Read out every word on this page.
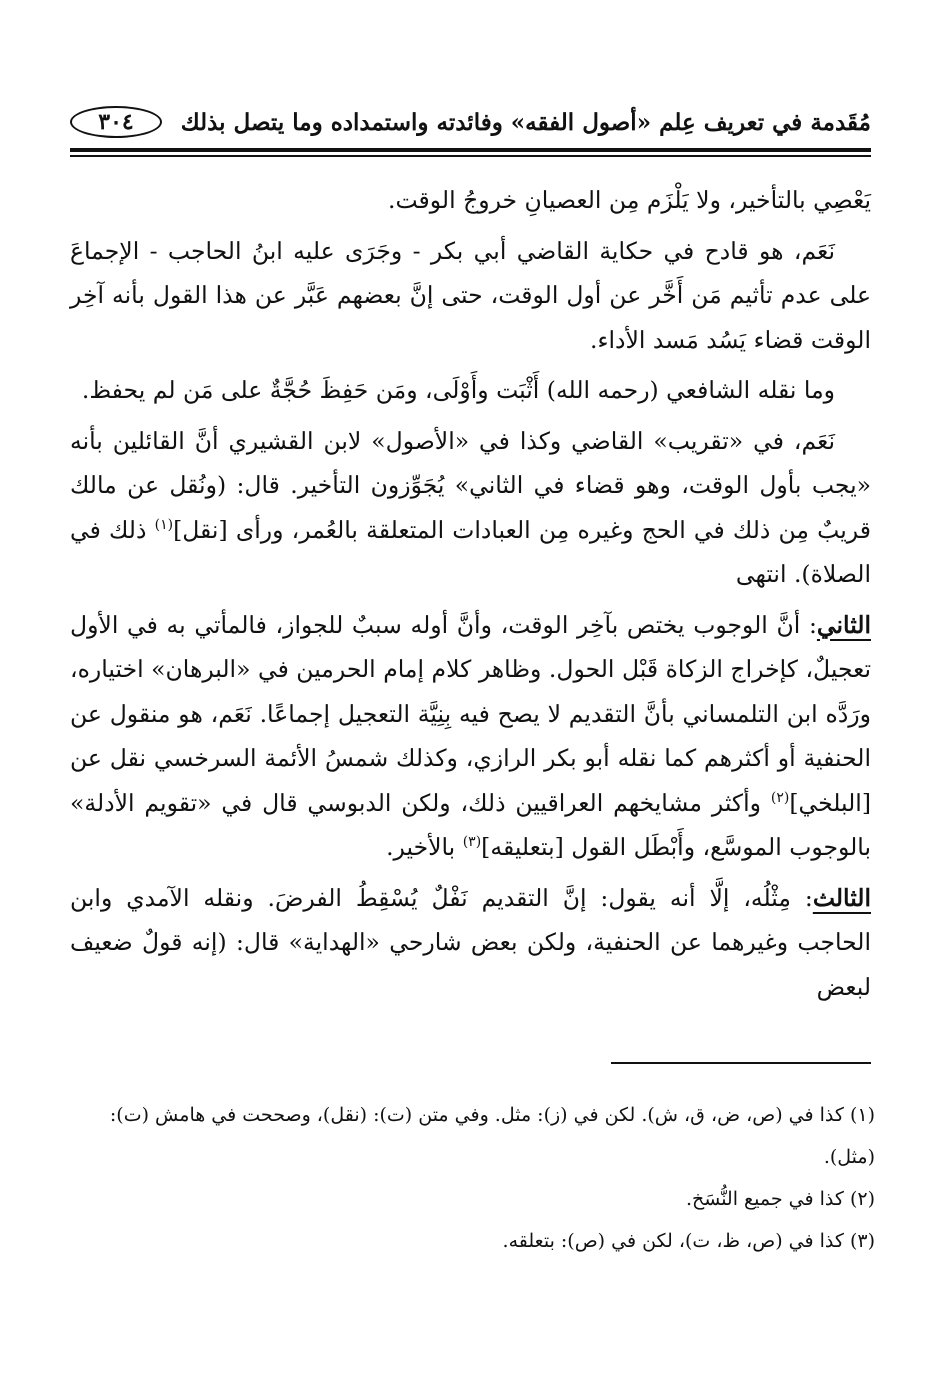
مُقَدمة في تعريف عِلم «أصول الفقه» وفائدته واستمداده وما يتصل بذلك
٣٠٤

يَعْصِي بالتأخير، ولا يَلْزَم مِن العصيانِ خروجُ الوقت.

نَعَم، هو قادح في حكاية القاضي أبي بكر - وجَرَى عليه ابنُ الحاجب - الإجماعَ على عدم تأثيم مَن أَخَّر عن أول الوقت، حتى إنَّ بعضهم عَبَّر عن هذا القول بأنه آخِر الوقت قضاء يَسُد مَسد الأداء.

وما نقله الشافعي (رحمه الله) أَثْبَت وأَوْلَى، ومَن حَفِظَ حُجَّةٌ على مَن لم يحفظ.

نَعَم، في «تقريب» القاضي وكذا في «الأصول» لابن القشيري أنَّ القائلين بأنه «يجب بأول الوقت، وهو قضاء في الثاني» يُجَوِّزون التأخير. قال: (ونُقل عن مالك قريبٌ مِن ذلك في الحج وغيره مِن العبادات المتعلقة بالعُمر، ورأى [نقل]$^{(١)}$ ذلك في الصلاة). انتهى

الثاني: أنَّ الوجوب يختص بآخِر الوقت، وأنَّ أوله سببٌ للجواز، فالمأتي به في الأول تعجيلٌ، كإخراج الزكاة قَبْل الحول. وظاهر كلام إمام الحرمين في «البرهان» اختياره، ورَدَّه ابن التلمساني بأنَّ التقديم لا يصح فيه بِنِيَّة التعجيل إجماعًا. نَعَم، هو منقول عن الحنفية أو أكثرهم كما نقله أبو بكر الرازي، وكذلك شمسُ الأئمة السرخسي نقل عن [البلخي]$^{(٢)}$ وأكثر مشايخهم العراقيين ذلك، ولكن الدبوسي قال في «تقويم الأدلة» بالوجوب الموسَّع، وأَبْطَل القول [بتعليقه]$^{(٣)}$ بالأخير.

الثالث: مِثْلُه، إلَّا أنه يقول: إنَّ التقديم نَفْلٌ يُسْقِطُ الفرضَ. ونقله الآمدي وابن الحاجب وغيرهما عن الحنفية، ولكن بعض شارحي «الهداية» قال: (إنه قولٌ ضعيف لبعض

(١) كذا في (ص، ض، ق، ش). لكن في (ز): مثل. وفي متن (ت): (نقل)، وصححت في هامش (ت): (مثل).

(٢) كذا في جميع النُّسَخ.

(٣) كذا في (ص، ظ، ت)، لكن في (ص): بتعلقه.
